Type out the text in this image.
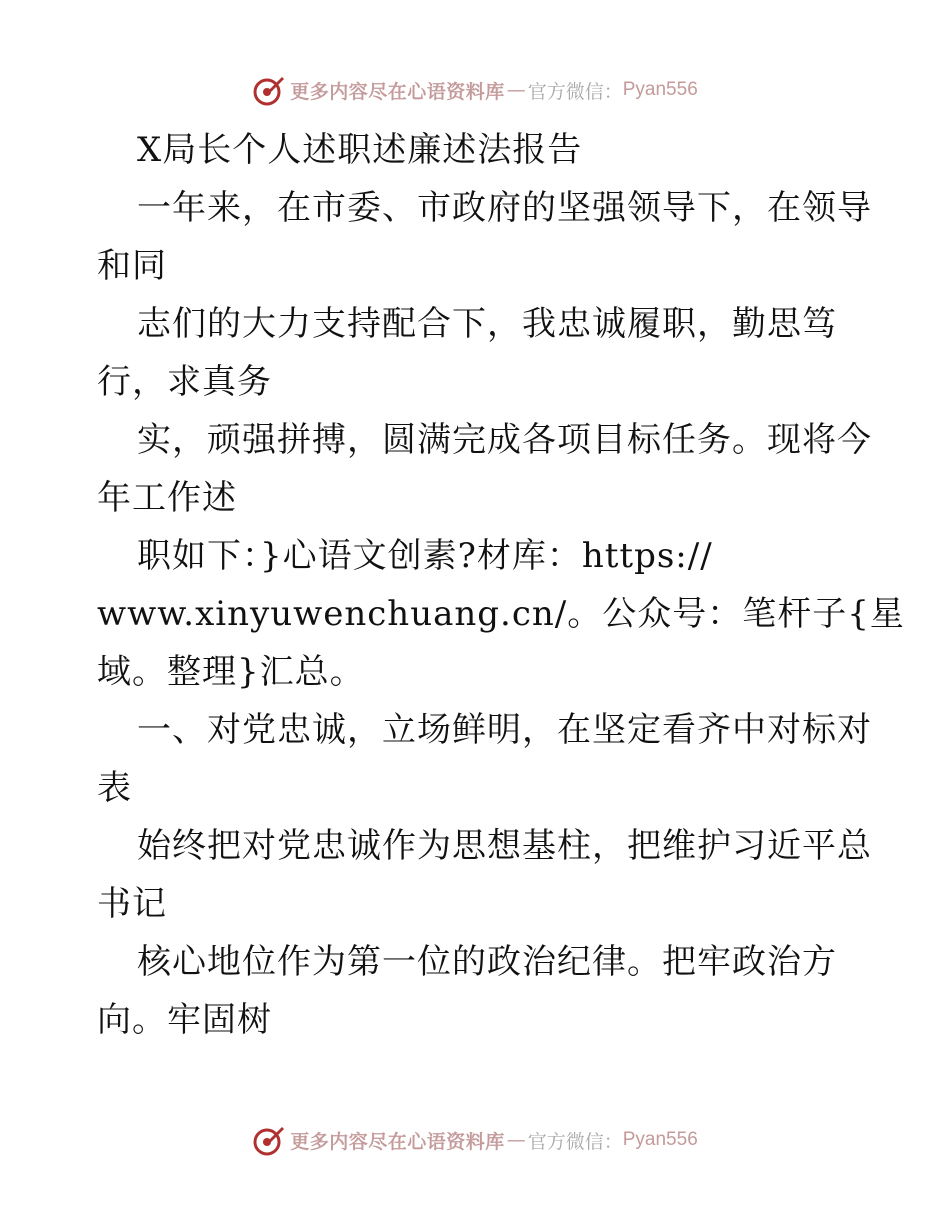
更多内容尽在心语资料库 — 官方微信： Pyan556
X局长个人述职述廉述法报告
一年来，在市委、市政府的坚强领导下，在领导
和同
志们的大力支持配合下，我忠诚履职，勤思笃
行，求真务
实，顽强拼搏，圆满完成各项目标任务。现将今
年工作述
职如下：}心语文创素?材库：https://
www.xinyuwenchuang.cn/。公众号：笔杆子{星
域。整理}汇总。
一、对党忠诚，立场鲜明，在坚定看齐中对标对
表
始终把对党忠诚作为思想基柱，把维护习近平总
书记
核心地位作为第一位的政治纪律。把牢政治方
向。牢固树
更多内容尽在心语资料库 — 官方微信： Pyan556
